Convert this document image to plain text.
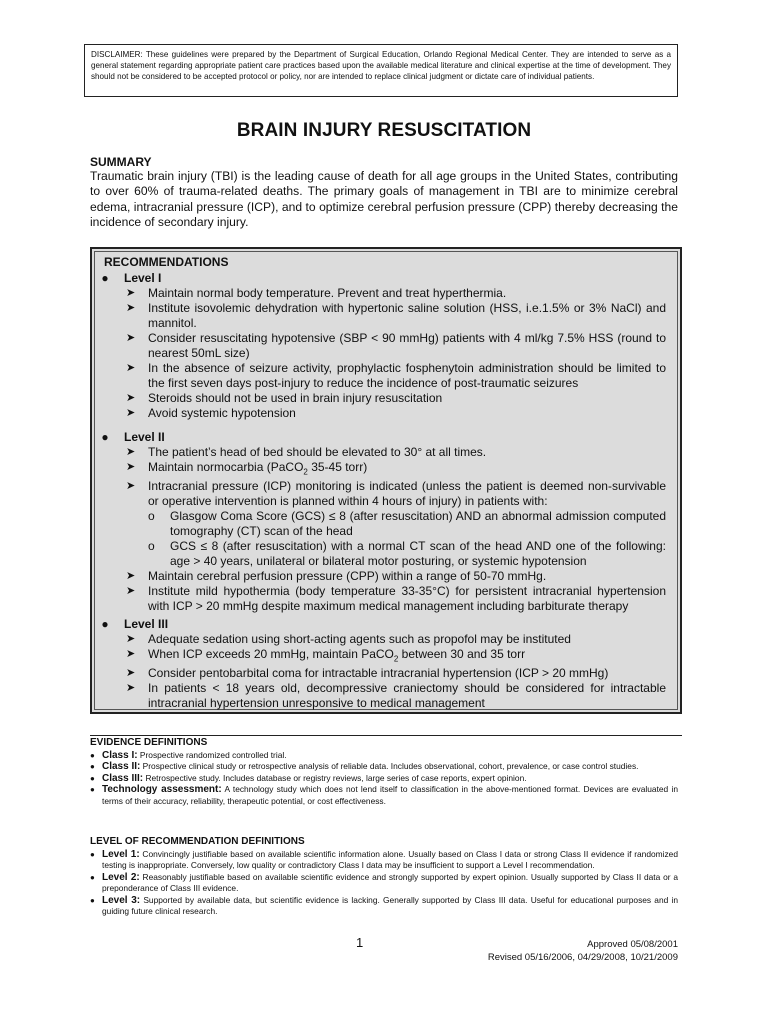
DISCLAIMER: These guidelines were prepared by the Department of Surgical Education, Orlando Regional Medical Center. They are intended to serve as a general statement regarding appropriate patient care practices based upon the available medical literature and clinical expertise at the time of development. They should not be considered to be accepted protocol or policy, nor are intended to replace clinical judgment or dictate care of individual patients.
BRAIN INJURY RESUSCITATION
SUMMARY
Traumatic brain injury (TBI) is the leading cause of death for all age groups in the United States, contributing to over 60% of trauma-related deaths. The primary goals of management in TBI are to minimize cerebral edema, intracranial pressure (ICP), and to optimize cerebral perfusion pressure (CPP) thereby decreasing the incidence of secondary injury.
RECOMMENDATIONS
● Level I
➤ Maintain normal body temperature. Prevent and treat hyperthermia.
➤ Institute isovolemic dehydration with hypertonic saline solution (HSS, i.e.1.5% or 3% NaCl) and mannitol.
➤ Consider resuscitating hypotensive (SBP < 90 mmHg) patients with 4 ml/kg 7.5% HSS (round to nearest 50mL size)
➤ In the absence of seizure activity, prophylactic fosphenytoin administration should be limited to the first seven days post-injury to reduce the incidence of post-traumatic seizures
➤ Steroids should not be used in brain injury resuscitation
➤ Avoid systemic hypotension
● Level II
➤ The patient’s head of bed should be elevated to 30° at all times.
➤ Maintain normocarbia (PaCO$_2$ 35-45 torr)
➤ Intracranial pressure (ICP) monitoring is indicated (unless the patient is deemed non-survivable or operative intervention is planned within 4 hours of injury) in patients with:
o Glasgow Coma Score (GCS) ≤ 8 (after resuscitation) AND an abnormal admission computed tomography (CT) scan of the head
o GCS ≤ 8 (after resuscitation) with a normal CT scan of the head AND one of the following: age > 40 years, unilateral or bilateral motor posturing, or systemic hypotension
➤ Maintain cerebral perfusion pressure (CPP) within a range of 50-70 mmHg.
➤ Institute mild hypothermia (body temperature 33-35°C) for persistent intracranial hypertension with ICP > 20 mmHg despite maximum medical management including barbiturate therapy
● Level III
➤ Adequate sedation using short-acting agents such as propofol may be instituted
➤ When ICP exceeds 20 mmHg, maintain PaCO$_2$ between 30 and 35 torr
➤ Consider pentobarbital coma for intractable intracranial hypertension (ICP > 20 mmHg)
➤ In patients < 18 years old, decompressive craniectomy should be considered for intractable intracranial hypertension unresponsive to medical management
EVIDENCE DEFINITIONS
● Class I: Prospective randomized controlled trial.
● Class II: Prospective clinical study or retrospective analysis of reliable data. Includes observational, cohort, prevalence, or case control studies.
● Class III: Retrospective study. Includes database or registry reviews, large series of case reports, expert opinion.
● Technology assessment: A technology study which does not lend itself to classification in the above-mentioned format. Devices are evaluated in terms of their accuracy, reliability, therapeutic potential, or cost effectiveness.
LEVEL OF RECOMMENDATION DEFINITIONS
● Level 1: Convincingly justifiable based on available scientific information alone. Usually based on Class I data or strong Class II evidence if randomized testing is inappropriate. Conversely, low quality or contradictory Class I data may be insufficient to support a Level I recommendation.
● Level 2: Reasonably justifiable based on available scientific evidence and strongly supported by expert opinion. Usually supported by Class II data or a preponderance of Class III evidence.
● Level 3: Supported by available data, but scientific evidence is lacking. Generally supported by Class III data. Useful for educational purposes and in guiding future clinical research.
1	Approved 05/08/2001
Revised 05/16/2006, 04/29/2008, 10/21/2009
